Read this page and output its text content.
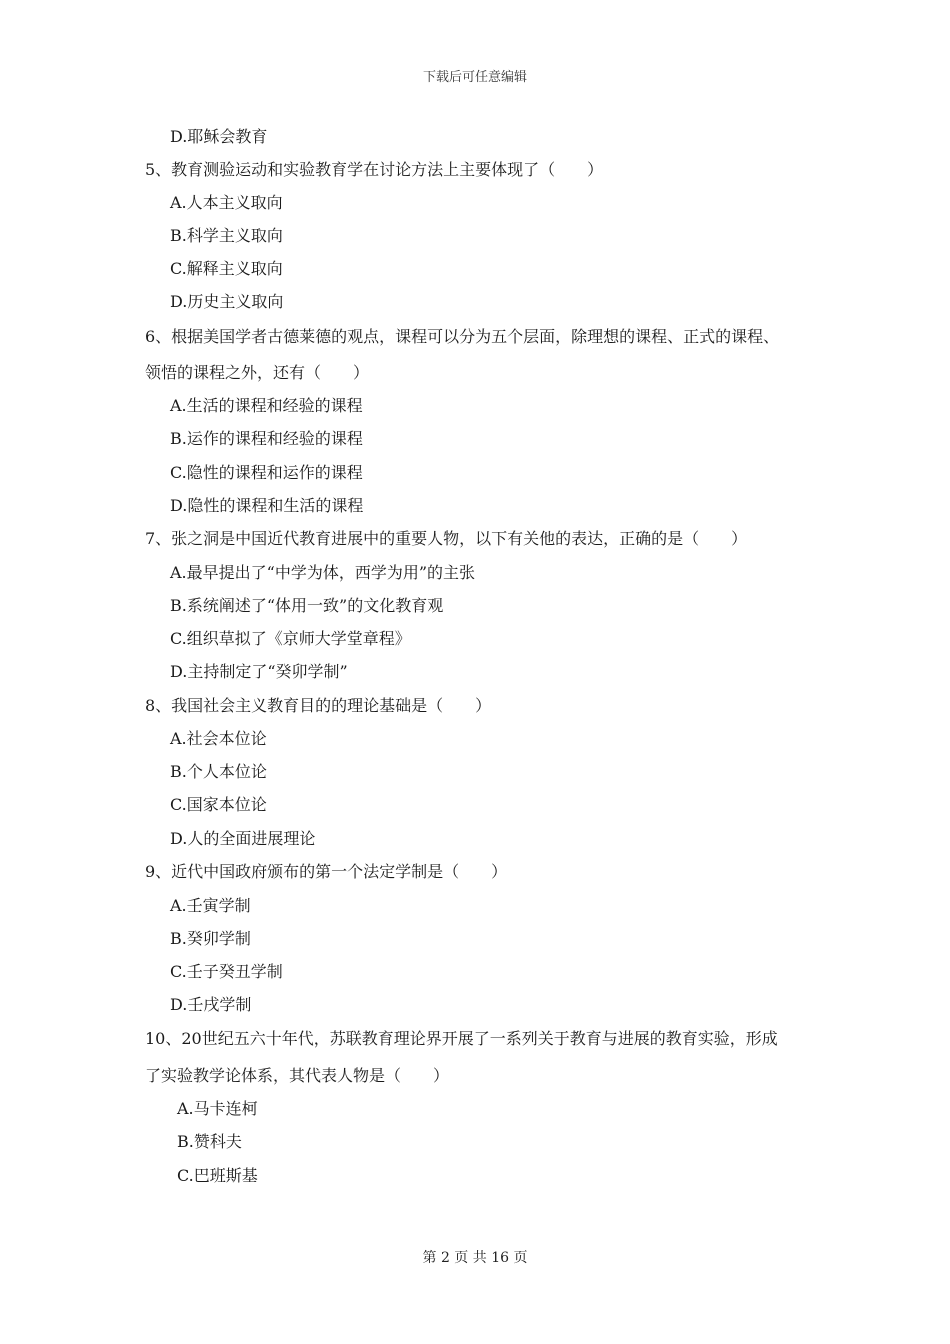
下载后可任意编辑
D.耶稣会教育
5、教育测验运动和实验教育学在讨论方法上主要体现了（　　）
A.人本主义取向
B.科学主义取向
C.解释主义取向
D.历史主义取向
6、根据美国学者古德莱德的观点，课程可以分为五个层面，除理想的课程、正式的课程、
领悟的课程之外，还有（　　）
A.生活的课程和经验的课程
B.运作的课程和经验的课程
C.隐性的课程和运作的课程
D.隐性的课程和生活的课程
7、张之洞是中国近代教育进展中的重要人物，以下有关他的表达，正确的是（　　）
A.最早提出了“中学为体，西学为用”的主张
B.系统阐述了“体用一致”的文化教育观
C.组织草拟了《京师大学堂章程》
D.主持制定了“癸卯学制”
8、我国社会主义教育目的的理论基础是（　　）
A.社会本位论
B.个人本位论
C.国家本位论
D.人的全面进展理论
9、近代中国政府颁布的第一个法定学制是（　　）
A.壬寅学制
B.癸卯学制
C.壬子癸丑学制
D.壬戌学制
10、20世纪五六十年代，苏联教育理论界开展了一系列关于教育与进展的教育实验，形成
了实验教学论体系，其代表人物是（　　）
A.马卡连柯
B.赞科夫
C.巴班斯基
第 2 页 共 16 页
